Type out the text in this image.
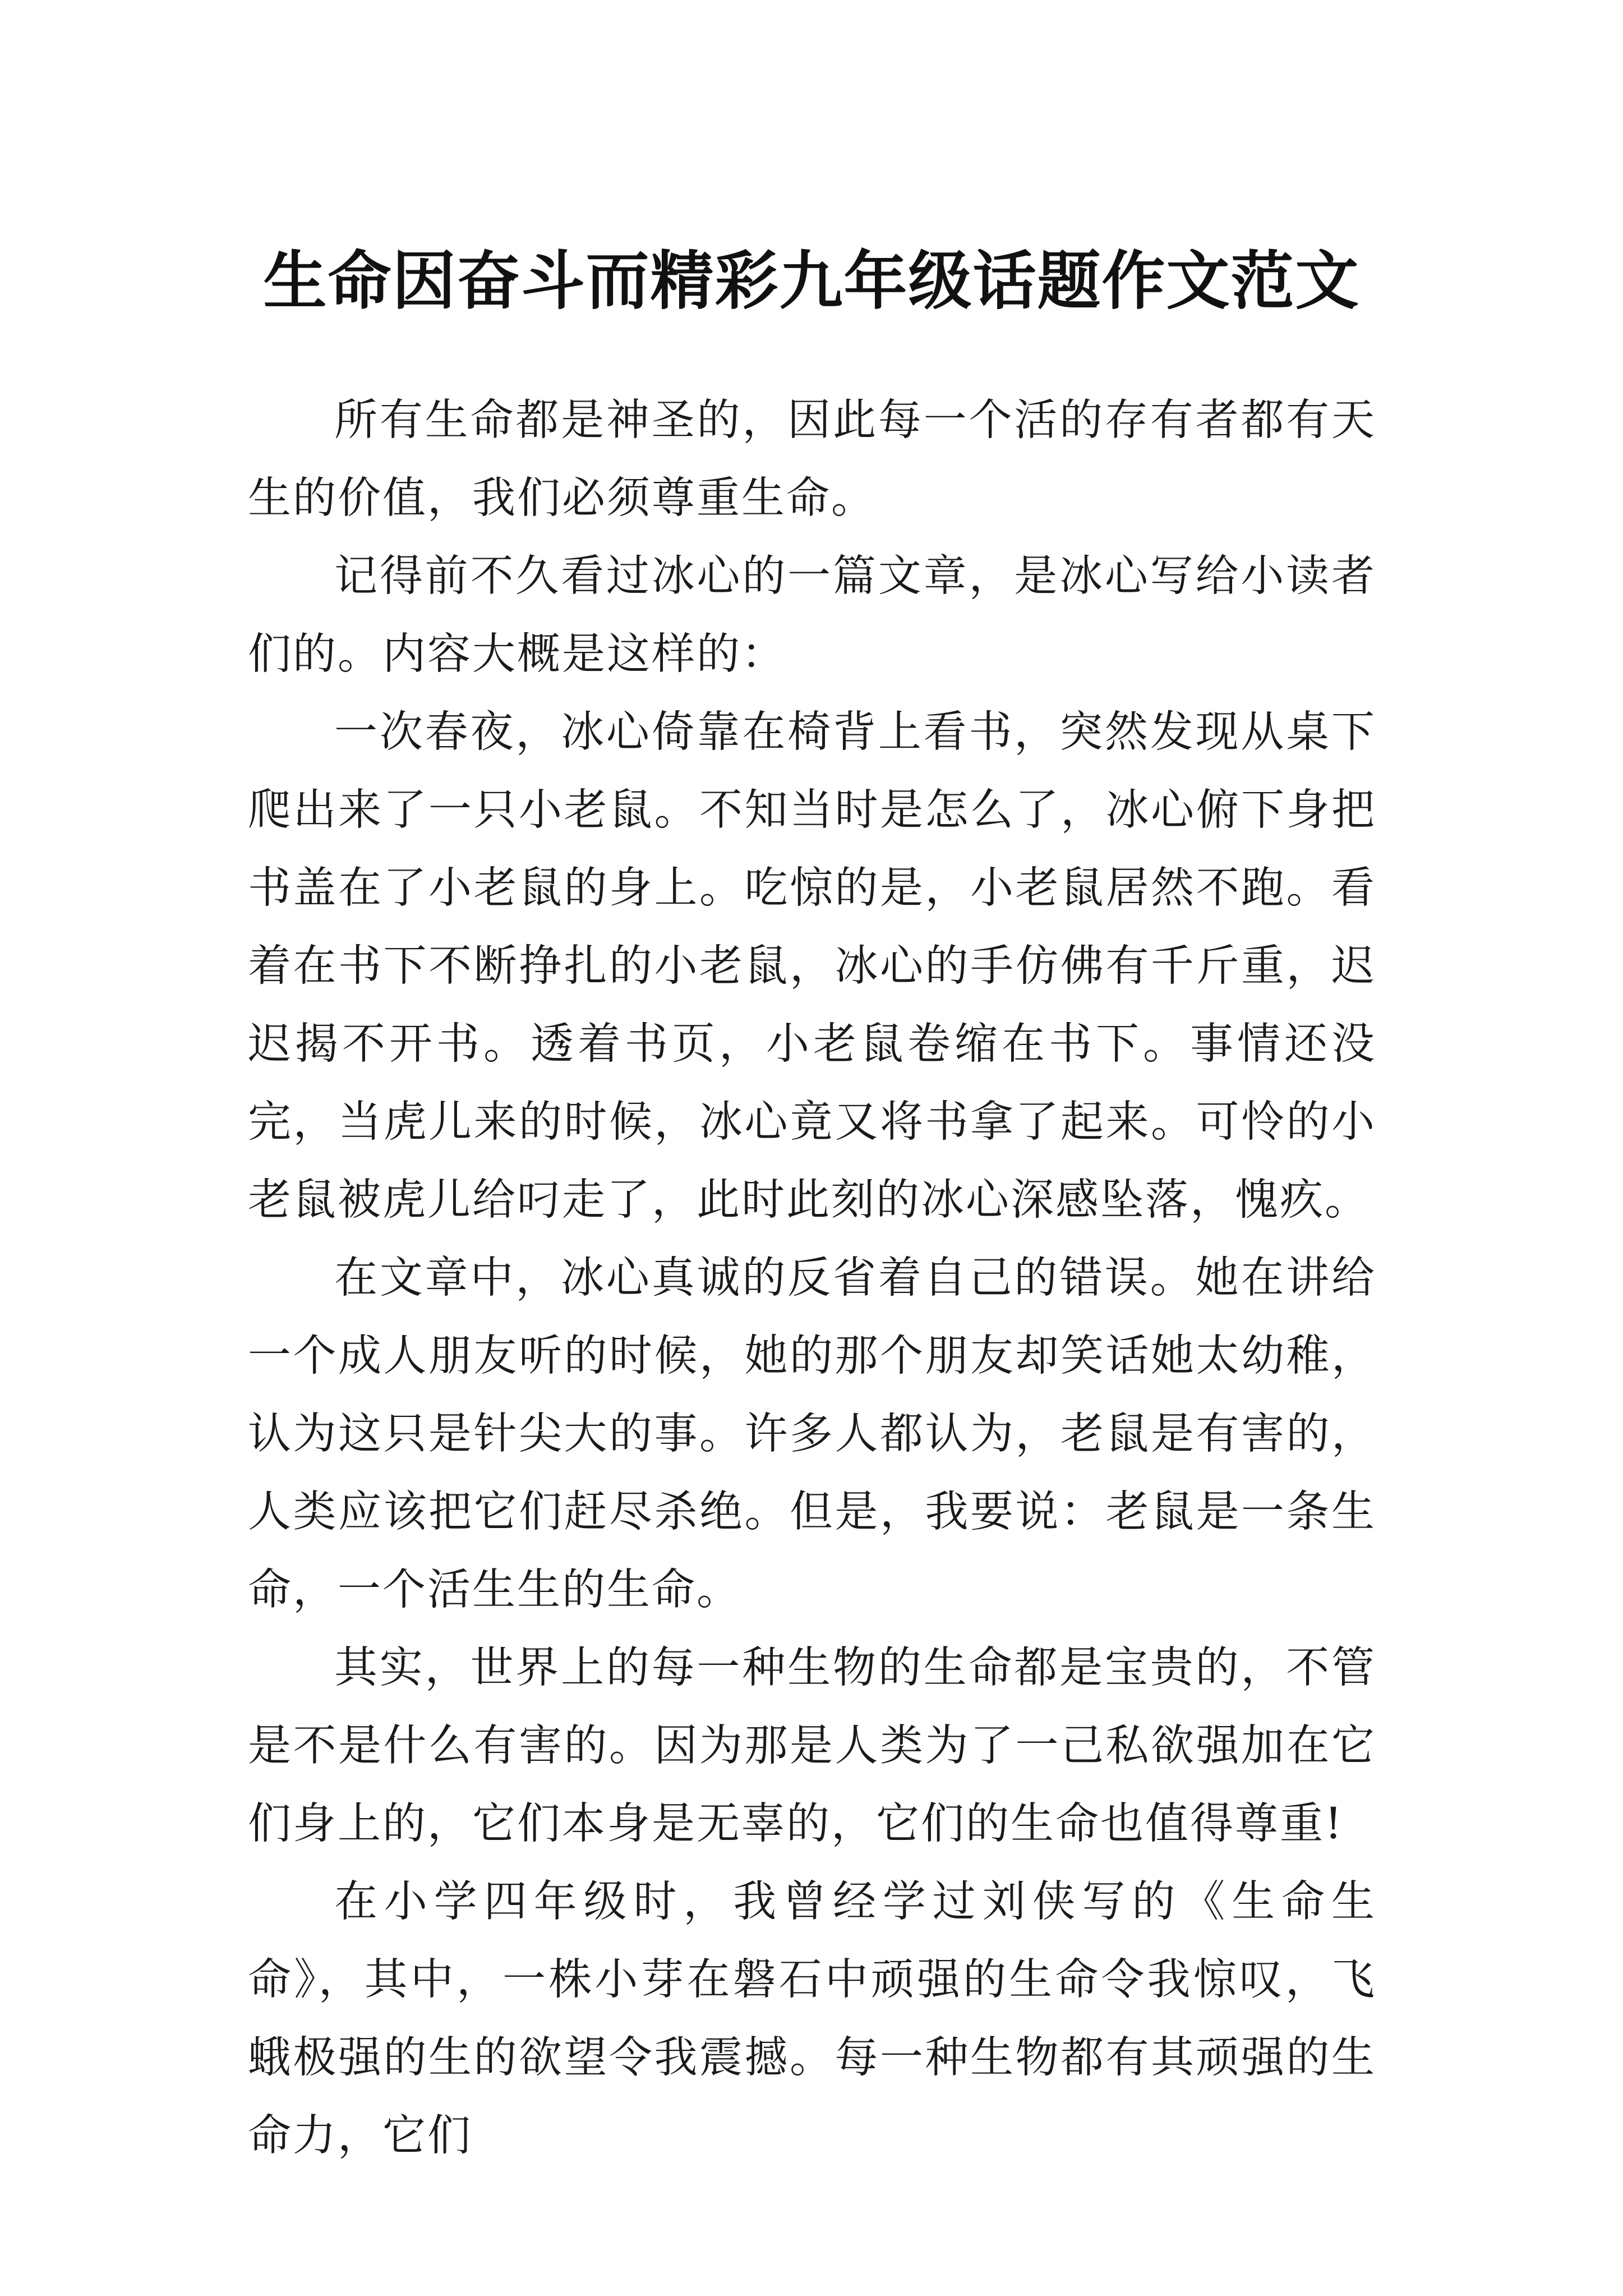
生命因奋斗而精彩九年级话题作文范文

所有生命都是神圣的，因此每一个活的存有者都有天生的价值，我们必须尊重生命。

记得前不久看过冰心的一篇文章，是冰心写给小读者们的。内容大概是这样的：

一次春夜，冰心倚靠在椅背上看书，突然发现从桌下爬出来了一只小老鼠。不知当时是怎么了，冰心俯下身把书盖在了小老鼠的身上。吃惊的是，小老鼠居然不跑。看着在书下不断挣扎的小老鼠，冰心的手仿佛有千斤重，迟迟揭不开书。透着书页，小老鼠卷缩在书下。事情还没完，当虎儿来的时候，冰心竟又将书拿了起来。可怜的小老鼠被虎儿给叼走了，此时此刻的冰心深感坠落，愧疚。

在文章中，冰心真诚的反省着自己的错误。她在讲给一个成人朋友听的时候，她的那个朋友却笑话她太幼稚，认为这只是针尖大的事。许多人都认为，老鼠是有害的，人类应该把它们赶尽杀绝。但是，我要说：老鼠是一条生命，一个活生生的生命。

其实，世界上的每一种生物的生命都是宝贵的，不管是不是什么有害的。因为那是人类为了一己私欲强加在它们身上的，它们本身是无辜的，它们的生命也值得尊重!

在小学四年级时，我曾经学过刘侠写的《生命生命》，其中，一株小芽在磐石中顽强的生命令我惊叹，飞蛾极强的生的欲望令我震撼。每一种生物都有其顽强的生命力，它们
